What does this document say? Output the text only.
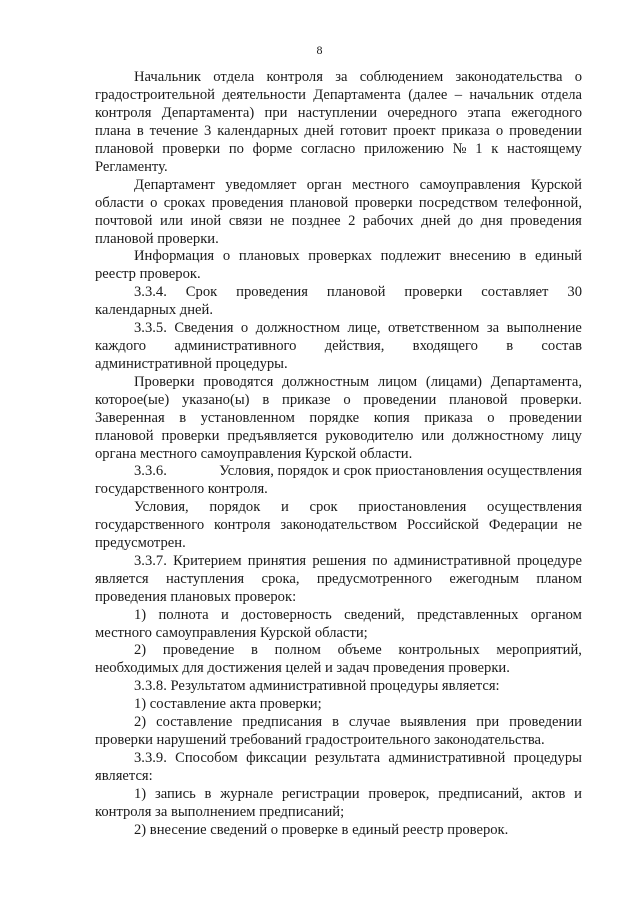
8
Начальник отдела контроля за соблюдением законодательства о
градостроительной деятельности Департамента (далее – начальник отдела
контроля Департамента) при наступлении очередного этапа ежегодного
плана в течение 3 календарных дней готовит проект приказа о проведении
плановой проверки по форме согласно приложению № 1 к настоящему
Регламенту.
Департамент уведомляет орган местного самоуправления Курской
области о сроках проведения плановой проверки посредством телефонной,
почтовой или иной связи не позднее 2 рабочих дней до дня проведения
плановой проверки.
Информация о плановых проверках подлежит внесению в единый
реестр проверок.
3.3.4. Срок проведения плановой проверки составляет 30
календарных дней.
3.3.5. Сведения о должностном лице, ответственном за выполнение
каждого административного действия, входящего в состав
административной процедуры.
Проверки проводятся должностным лицом (лицами) Департамента,
которое(ые) указано(ы) в приказе о проведении плановой проверки.
Заверенная в установленном порядке копия приказа о проведении
плановой проверки предъявляется руководителю или должностному лицу
органа местного самоуправления Курской области.
3.3.6.	Условия, порядок и срок приостановления осуществления
государственного контроля.
Условия, порядок и срок приостановления осуществления
государственного контроля законодательством Российской Федерации не
предусмотрен.
3.3.7. Критерием принятия решения по административной процедуре
является наступления срока, предусмотренного ежегодным планом
проведения плановых проверок:
1) полнота и достоверность сведений, представленных органом
местного самоуправления Курской области;
2) проведение в полном объеме контрольных мероприятий,
необходимых для достижения целей и задач проведения проверки.
3.3.8. Результатом административной процедуры является:
1) составление акта проверки;
2) составление предписания в случае выявления при проведении
проверки нарушений требований градостроительного законодательства.
3.3.9. Способом фиксации результата административной процедуры
является:
1) запись в журнале регистрации проверок, предписаний, актов и
контроля за выполнением предписаний;
2) внесение сведений о проверке в единый реестр проверок.
